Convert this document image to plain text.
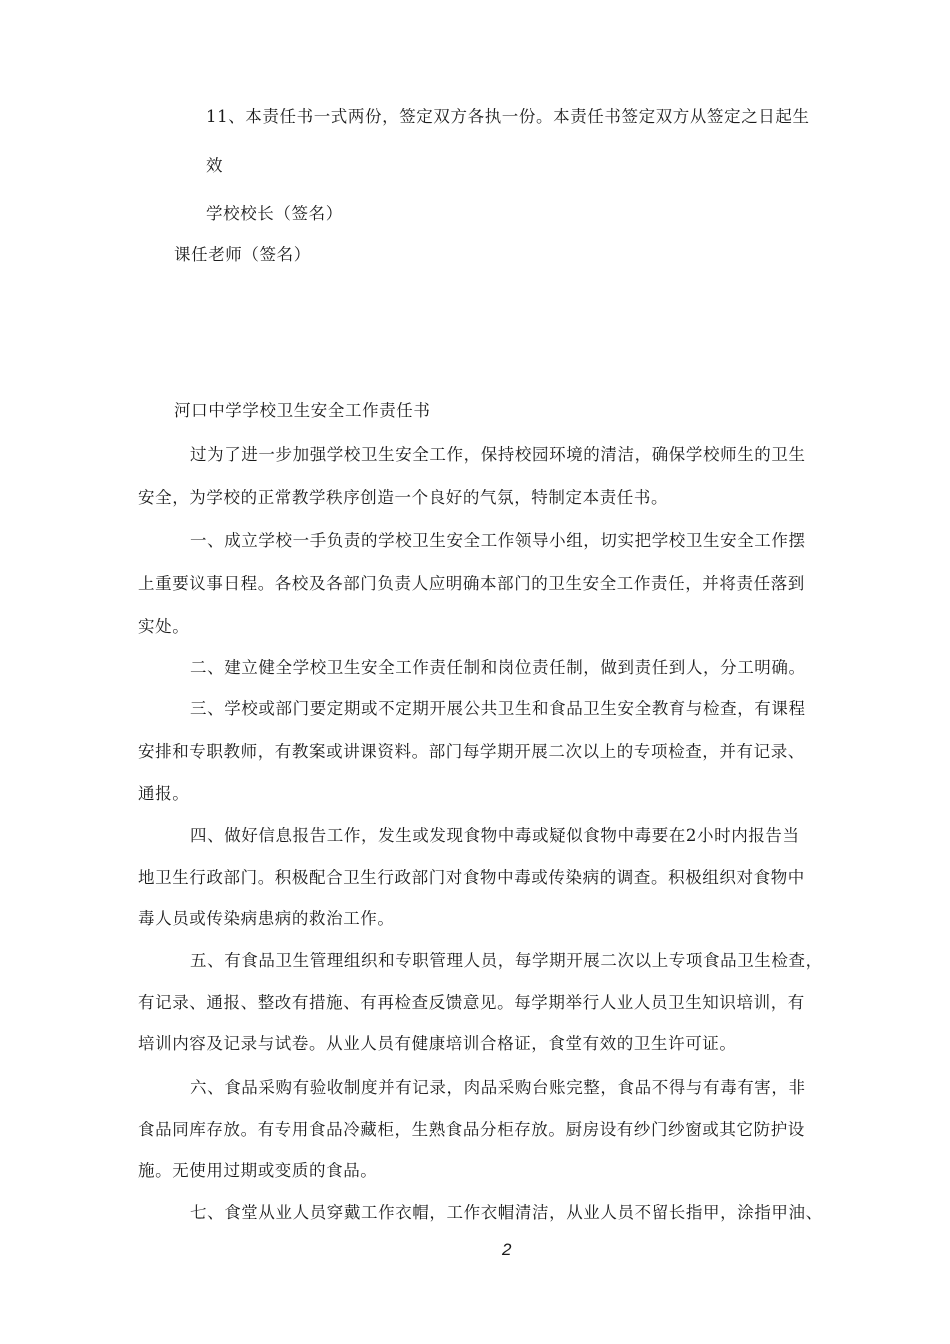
11、本责任书一式两份，签定双方各执一份。本责任书签定双方从签定之日起生
效
学校校长（签名）
课任老师（签名）
河口中学学校卫生安全工作责任书
过为了进一步加强学校卫生安全工作，保持校园环境的清洁，确保学校师生的卫生
安全，为学校的正常教学秩序创造一个良好的气氛，特制定本责任书。
一、成立学校一手负责的学校卫生安全工作领导小组，切实把学校卫生安全工作摆
上重要议事日程。各校及各部门负责人应明确本部门的卫生安全工作责任，并将责任落到
实处。
二、建立健全学校卫生安全工作责任制和岗位责任制，做到责任到人，分工明确。
三、学校或部门要定期或不定期开展公共卫生和食品卫生安全教育与检查，有课程
安排和专职教师，有教案或讲课资料。部门每学期开展二次以上的专项检查，并有记录、
通报。
四、做好信息报告工作，发生或发现食物中毒或疑似食物中毒要在2小时内报告当
地卫生行政部门。积极配合卫生行政部门对食物中毒或传染病的调查。积极组织对食物中
毒人员或传染病患病的救治工作。
五、有食品卫生管理组织和专职管理人员，每学期开展二次以上专项食品卫生检查，
有记录、通报、整改有措施、有再检查反馈意见。每学期举行人业人员卫生知识培训，有
培训内容及记录与试卷。从业人员有健康培训合格证，食堂有效的卫生许可证。
六、食品采购有验收制度并有记录，肉品采购台账完整，食品不得与有毒有害，非
食品同库存放。有专用食品冷藏柜，生熟食品分柜存放。厨房设有纱门纱窗或其它防护设
施。无使用过期或变质的食品。
七、食堂从业人员穿戴工作衣帽，工作衣帽清洁，从业人员不留长指甲，涂指甲油、
2
